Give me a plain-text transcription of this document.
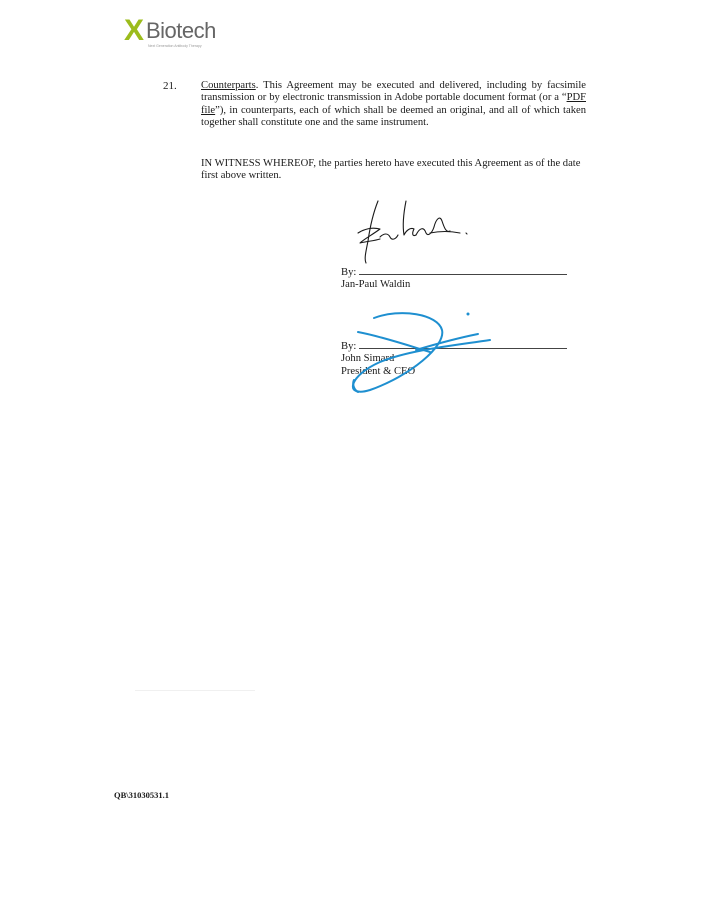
X Biotech
Next Generation Antibody Therapy
21. Counterparts. This Agreement may be executed and delivered, including by facsimile transmission or by electronic transmission in Adobe portable document format (or a “PDF file”), in counterparts, each of which shall be deemed an original, and all of which taken together shall constitute one and the same instrument.
IN WITNESS WHEREOF, the parties hereto have executed this Agreement as of the date first above written.
By:
Jan-Paul Waldin
By:
John Simard
President & CEO
QB\31030531.1
